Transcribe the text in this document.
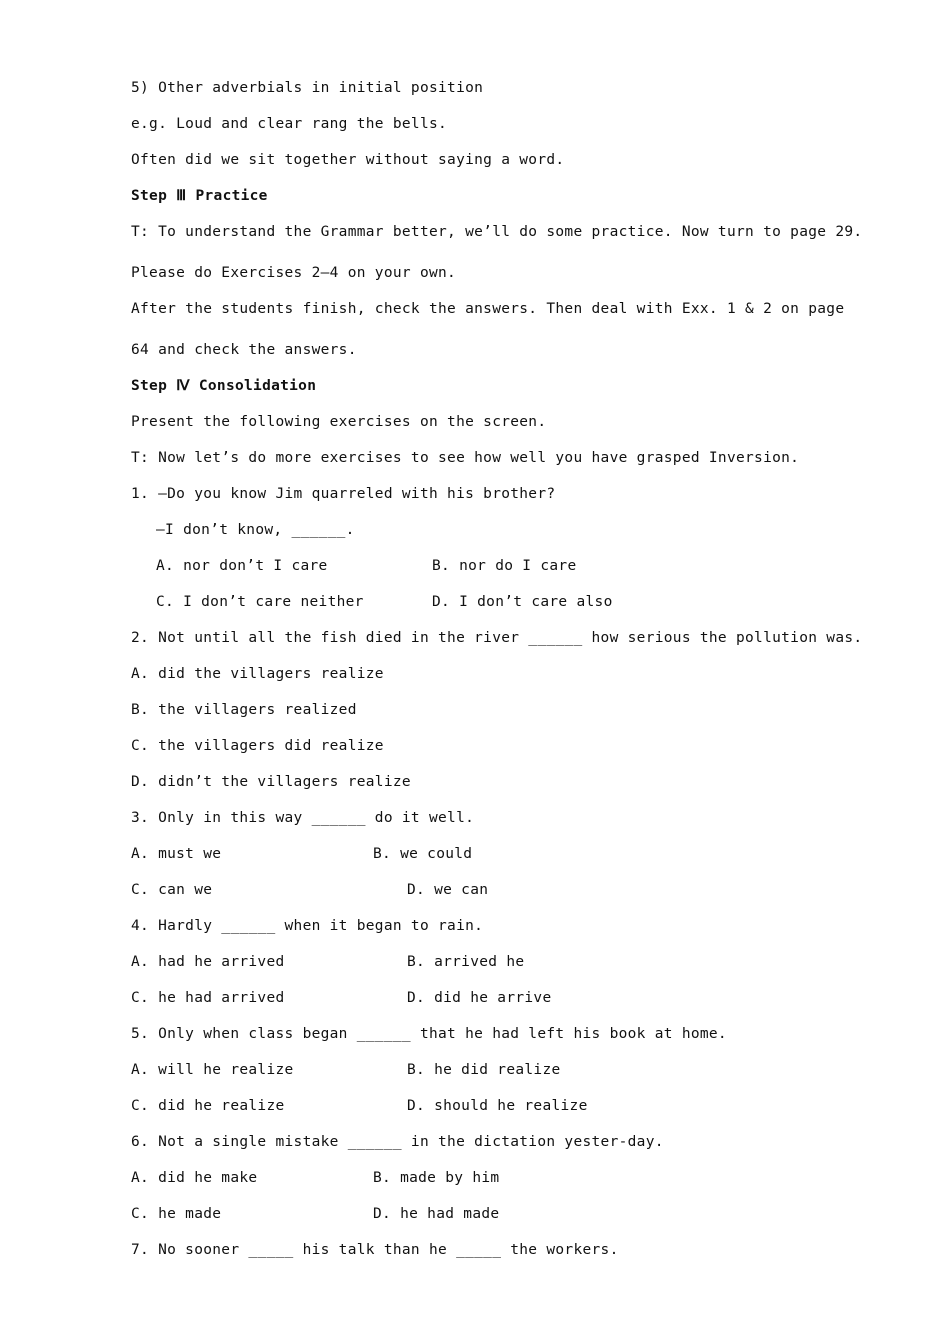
5) Other adverbials in initial position
e.g. Loud and clear rang the bells.
Often did we sit together without saying a word.
Step Ⅲ Practice
T: To understand the Grammar better, we’ll do some practice. Now turn to page 29.
Please do Exercises 2—4 on your own.
After the students finish, check the answers. Then deal with Exx. 1 & 2 on page
64 and check the answers.
Step Ⅳ Consolidation
Present the following exercises on the screen.
T: Now let’s do more exercises to see how well you have grasped Inversion.
1. —Do you know Jim quarreled with his brother?
—I don’t know, ______.
A. nor don’t I care	B. nor do I care
C. I don’t care neither	D. I don’t care also
2. Not until all the fish died in the river ______ how serious the pollution was.
A. did the villagers realize
B. the villagers realized
C. the villagers did realize
D. didn’t the villagers realize
3. Only in this way ______ do it well.
A. must we	B. we could
C. can we	D. we can
4. Hardly ______ when it began to rain.
A. had he arrived	B. arrived he
C. he had arrived	D. did he arrive
5. Only when class began ______ that he had left his book at home.
A. will he realize	B. he did realize
C. did he realize	D. should he realize
6. Not a single mistake ______ in the dictation yester-day.
A. did he make	B. made by him
C. he made	D. he had made
7. No sooner _____ his talk than he _____ the workers.
